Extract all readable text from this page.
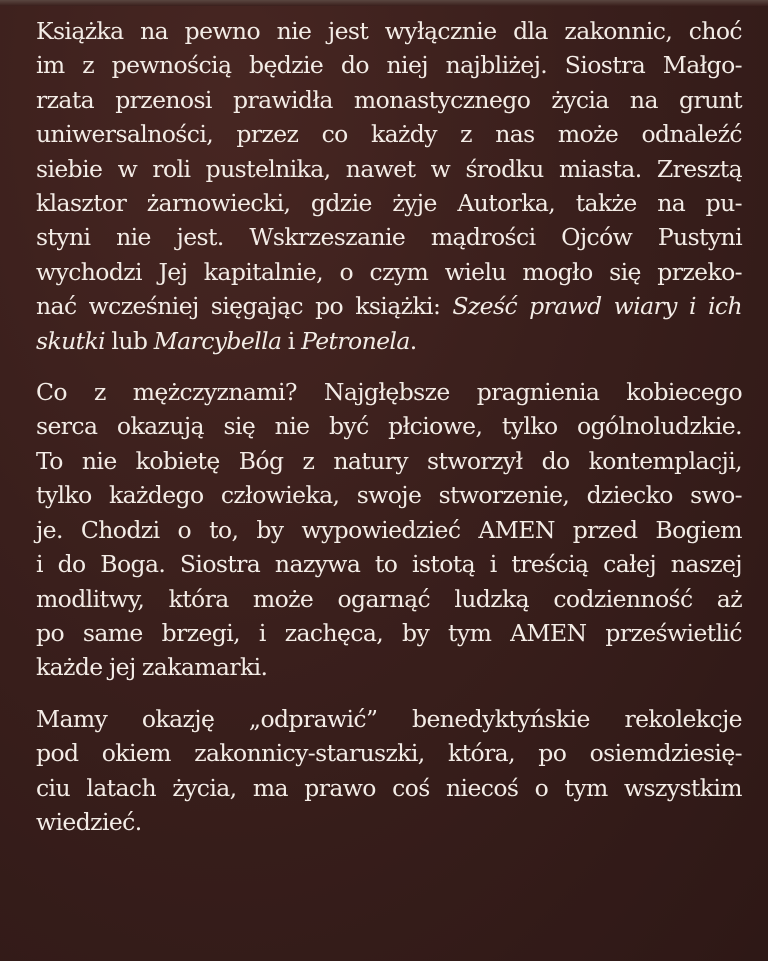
Książka na pewno nie jest wyłącznie dla zakonnic, choć
im z pewnością będzie do niej najbliżej. Siostra Małgo-
rzata przenosi prawidła monastycznego życia na grunt
uniwersalności, przez co każdy z nas może odnaleźć
siebie w roli pustelnika, nawet w środku miasta. Zresztą
klasztor żarnowiecki, gdzie żyje Autorka, także na pu-
styni nie jest. Wskrzeszanie mądrości Ojców Pustyni
wychodzi Jej kapitalnie, o czym wielu mogło się przeko-
nać wcześniej sięgając po książki: Sześć prawd wiary i ich
skutki lub Marcybella i Petronela.

Co z mężczyznami? Najgłębsze pragnienia kobiecego
serca okazują się nie być płciowe, tylko ogólnoludzkie.
To nie kobietę Bóg z natury stworzył do kontemplacji,
tylko każdego człowieka, swoje stworzenie, dziecko swo-
je. Chodzi o to, by wypowiedzieć AMEN przed Bogiem
i do Boga. Siostra nazywa to istotą i treścią całej naszej
modlitwy, która może ogarnąć ludzką codzienność aż
po same brzegi, i zachęca, by tym AMEN prześwietlić
każde jej zakamarki.

Mamy okazję „odprawić” benedyktyńskie rekolekcje
pod okiem zakonnicy-staruszki, która, po osiemdziesię-
ciu latach życia, ma prawo coś niecoś o tym wszystkim
wiedzieć.
